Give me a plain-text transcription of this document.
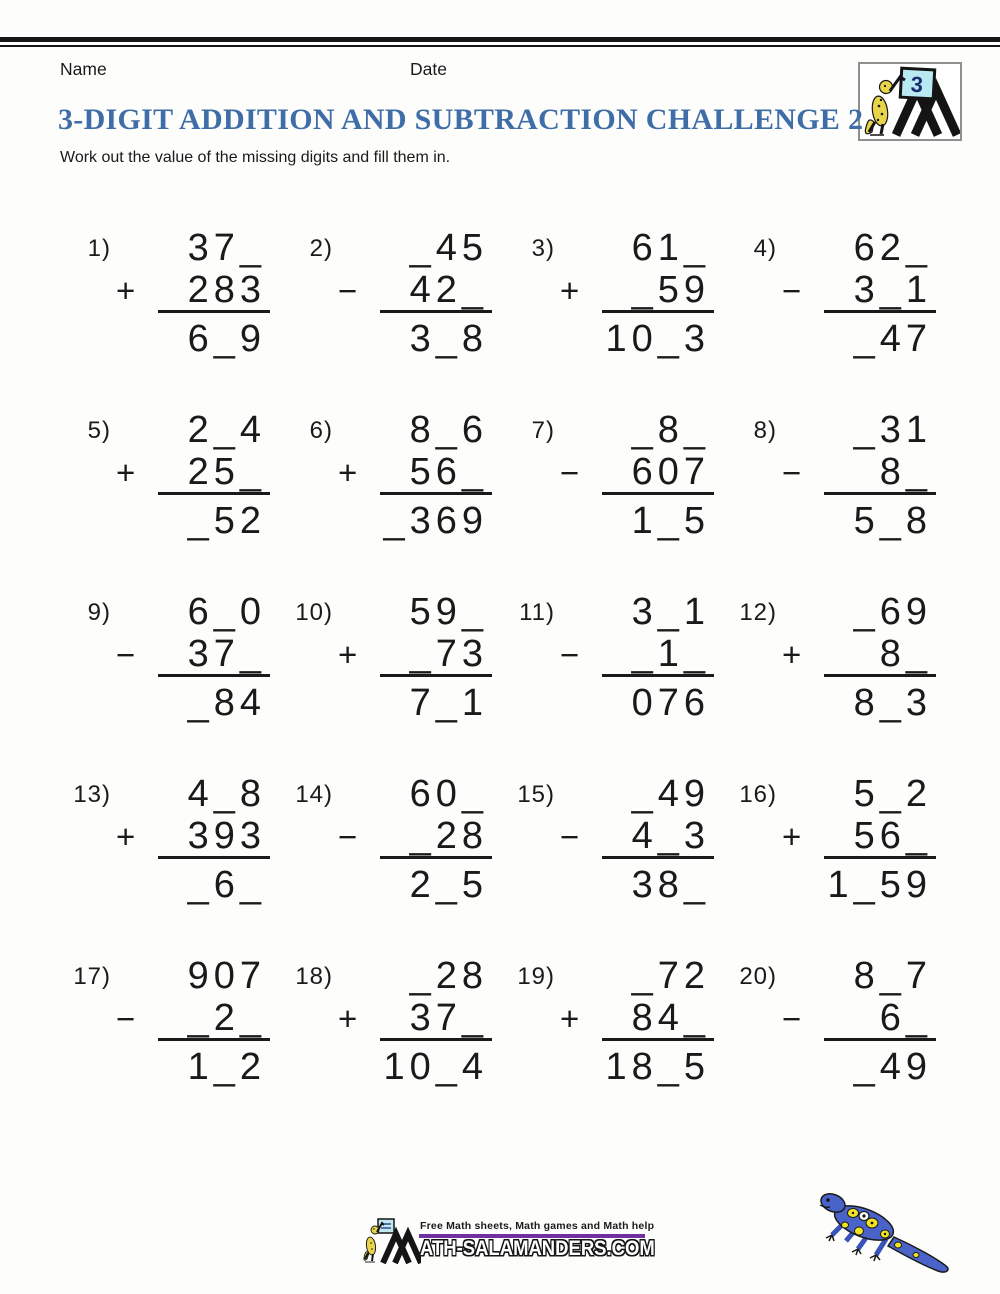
Name	Date
3
3-DIGIT ADDITION AND SUBTRACTION CHALLENGE 2
Work out the value of the missing digits and fill them in.
1)	37_
+ 283
6_9
2)	_45
− 42_
3_8
3)	61_
+ _59
10_3
4)	62_
− 3_1
_47
5)	2_4
+ 25_
_52
6)	8_6
+ 56_
_369
7)	_8_
− 607
1_5
8)	_31
− 8_
5_8
9)	6_0
− 37_
_84
10)	59_
+ _73
7_1
11)	3_1
− _1_
076
12)	_69
+ 8_
8_3
13)	4_8
+ 393
_6_
14)	60_
− _28
2_5
15)	_49
− 4_3
38_
16)	5_2
+ 56_
1_59
17)	907
− _2_
1_2
18)	_28
+ 37_
10_4
19)	_72
+ 84_
18_5
20)	8_7
− 6_
_49
Free Math sheets, Math games and Math help
ATH-SALAMANDERS.COM
